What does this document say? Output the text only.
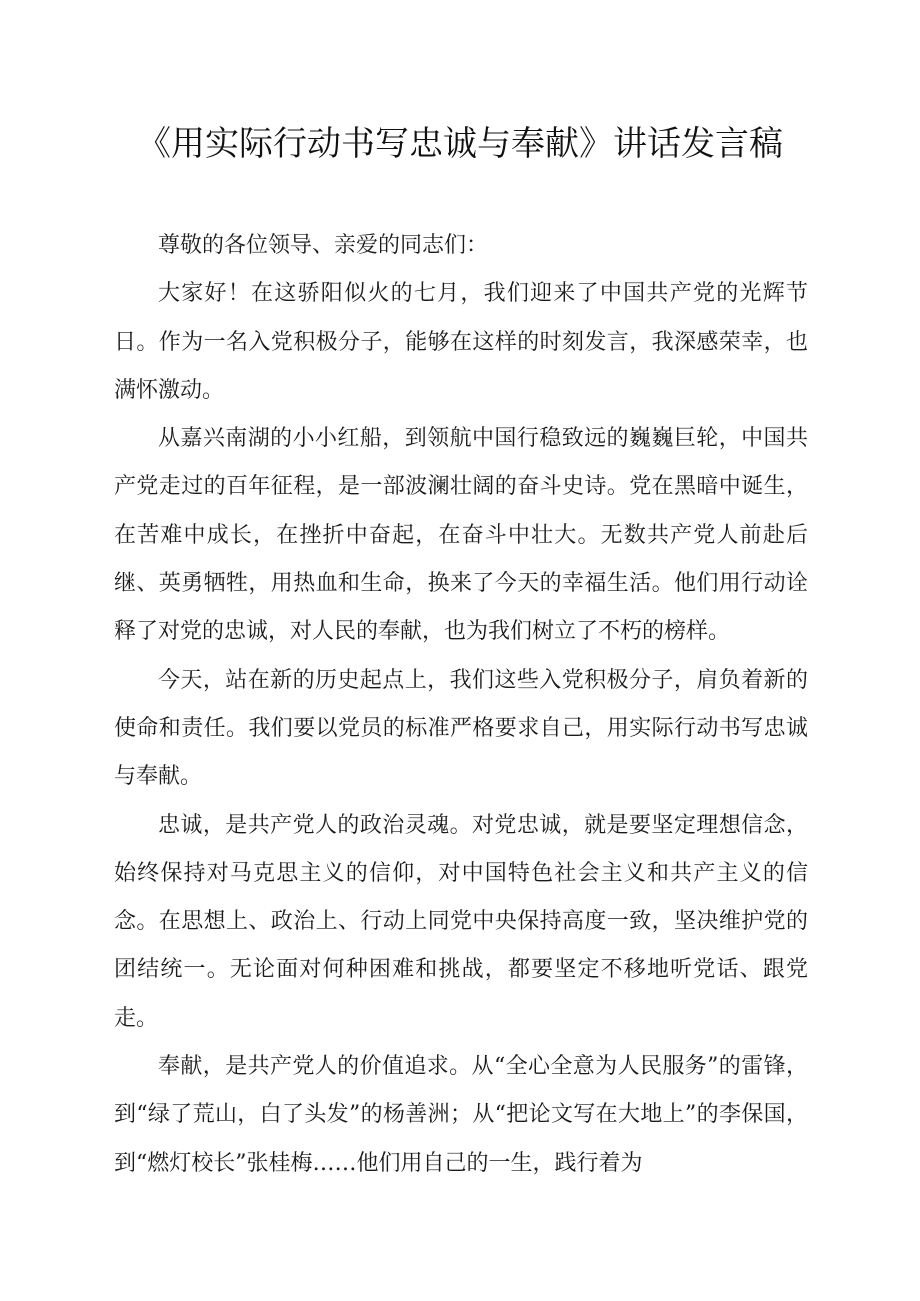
《用实际行动书写忠诚与奉献》讲话发言稿

尊敬的各位领导、亲爱的同志们：

大家好！在这骄阳似火的七月，我们迎来了中国共产党的光辉节日。作为一名入党积极分子，能够在这样的时刻发言，我深感荣幸，也满怀激动。

从嘉兴南湖的小小红船，到领航中国行稳致远的巍巍巨轮，中国共产党走过的百年征程，是一部波澜壮阔的奋斗史诗。党在黑暗中诞生，在苦难中成长，在挫折中奋起，在奋斗中壮大。无数共产党人前赴后继、英勇牺牲，用热血和生命，换来了今天的幸福生活。他们用行动诠释了对党的忠诚，对人民的奉献，也为我们树立了不朽的榜样。

今天，站在新的历史起点上，我们这些入党积极分子，肩负着新的使命和责任。我们要以党员的标准严格要求自己，用实际行动书写忠诚与奉献。

忠诚，是共产党人的政治灵魂。对党忠诚，就是要坚定理想信念，始终保持对马克思主义的信仰，对中国特色社会主义和共产主义的信念。在思想上、政治上、行动上同党中央保持高度一致，坚决维护党的团结统一。无论面对何种困难和挑战，都要坚定不移地听党话、跟党走。

奉献，是共产党人的价值追求。从“全心全意为人民服务”的雷锋，到“绿了荒山，白了头发”的杨善洲；从“把论文写在大地上”的李保国，到“燃灯校长”张桂梅……他们用自己的一生，践行着为
